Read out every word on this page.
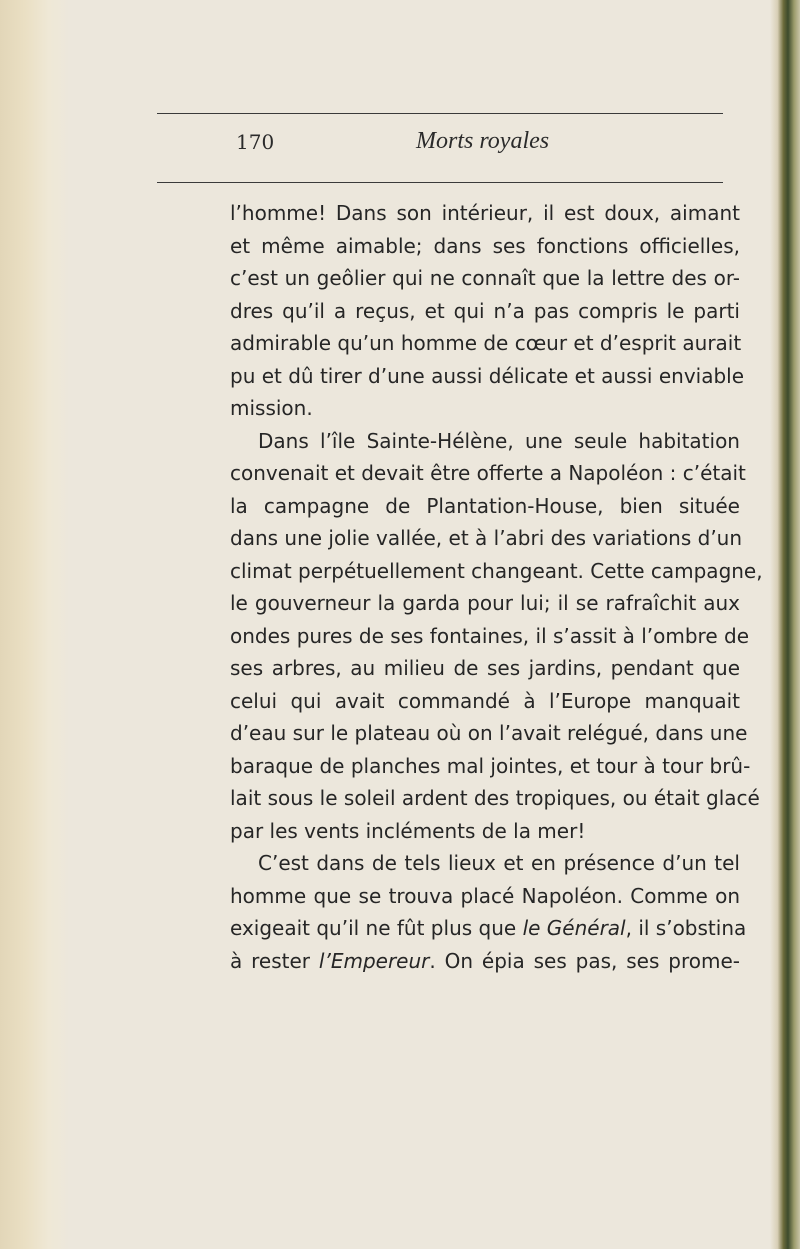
170	Morts royales
l’homme! Dans son intérieur, il est doux, aimant
et même aimable; dans ses fonctions officielles,
c’est un geôlier qui ne connaît que la lettre des or-
dres qu’il a reçus, et qui n’a pas compris le parti
admirable qu’un homme de cœur et d’esprit aurait
pu et dû tirer d’une aussi délicate et aussi enviable
mission.
Dans l’île Sainte-Hélène, une seule habitation
convenait et devait être offerte a Napoléon : c’était
la campagne de Plantation-House, bien située
dans une jolie vallée, et à l’abri des variations d’un
climat perpétuellement changeant. Cette campagne,
le gouverneur la garda pour lui; il se rafraîchit aux
ondes pures de ses fontaines, il s’assit à l’ombre de
ses arbres, au milieu de ses jardins, pendant que
celui qui avait commandé à l’Europe manquait
d’eau sur le plateau où on l’avait relégué, dans une
baraque de planches mal jointes, et tour à tour brû-
lait sous le soleil ardent des tropiques, ou était glacé
par les vents incléments de la mer!
C’est dans de tels lieux et en présence d’un tel
homme que se trouva placé Napoléon. Comme on
exigeait qu’il ne fût plus que le Général, il s’obstina
à rester l’Empereur. On épia ses pas, ses prome-
